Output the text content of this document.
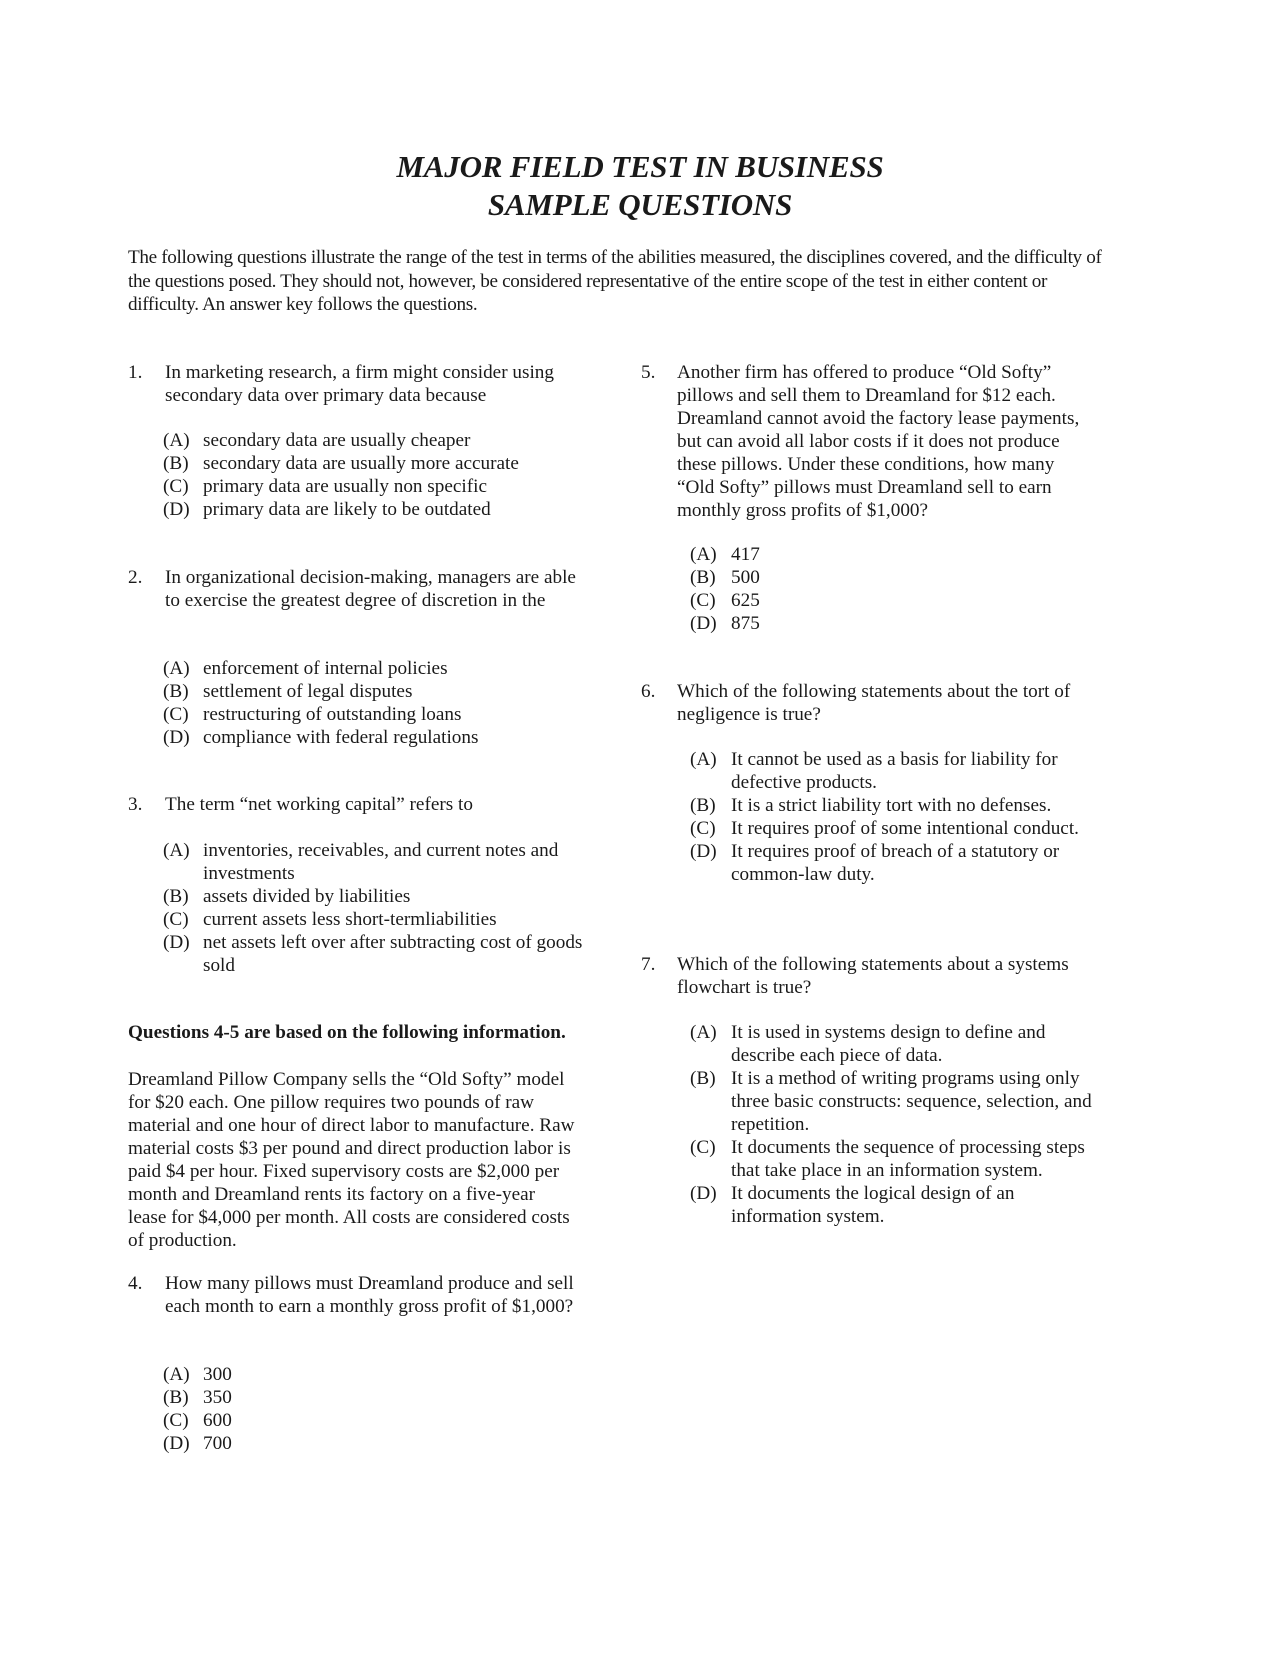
MAJOR FIELD TEST IN BUSINESS
SAMPLE QUESTIONS
The following questions illustrate the range of the test in terms of the abilities measured, the disciplines covered, and the difficulty of the questions posed. They should not, however, be considered representative of the entire scope of the test in either content or difficulty. An answer key follows the questions.
1. In marketing research, a firm might consider using secondary data over primary data because
(A) secondary data are usually cheaper
(B) secondary data are usually more accurate
(C) primary data are usually non specific
(D) primary data are likely to be outdated
2. In organizational decision-making, managers are able to exercise the greatest degree of discretion in the
(A) enforcement of internal policies
(B) settlement of legal disputes
(C) restructuring of outstanding loans
(D) compliance with federal regulations
3. The term “net working capital” refers to
(A) inventories, receivables, and current notes and investments
(B) assets divided by liabilities
(C) current assets less short-termliabilities
(D) net assets left over after subtracting cost of goods sold
Questions 4-5 are based on the following information.
Dreamland Pillow Company sells the “Old Softy” model for $20 each. One pillow requires two pounds of raw material and one hour of direct labor to manufacture. Raw material costs $3 per pound and direct production labor is paid $4 per hour. Fixed supervisory costs are $2,000 per month and Dreamland rents its factory on a five-year lease for $4,000 per month. All costs are considered costs of production.
4. How many pillows must Dreamland produce and sell each month to earn a monthly gross profit of $1,000?
(A) 300
(B) 350
(C) 600
(D) 700
5. Another firm has offered to produce “Old Softy” pillows and sell them to Dreamland for $12 each. Dreamland cannot avoid the factory lease payments, but can avoid all labor costs if it does not produce these pillows. Under these conditions, how many “Old Softy” pillows must Dreamland sell to earn monthly gross profits of $1,000?
(A) 417
(B) 500
(C) 625
(D) 875
6. Which of the following statements about the tort of negligence is true?
(A) It cannot be used as a basis for liability for defective products.
(B) It is a strict liability tort with no defenses.
(C) It requires proof of some intentional conduct.
(D) It requires proof of breach of a statutory or common-law duty.
7. Which of the following statements about a systems flowchart is true?
(A) It is used in systems design to define and describe each piece of data.
(B) It is a method of writing programs using only three basic constructs: sequence, selection, and repetition.
(C) It documents the sequence of processing steps that take place in an information system.
(D) It documents the logical design of an information system.
